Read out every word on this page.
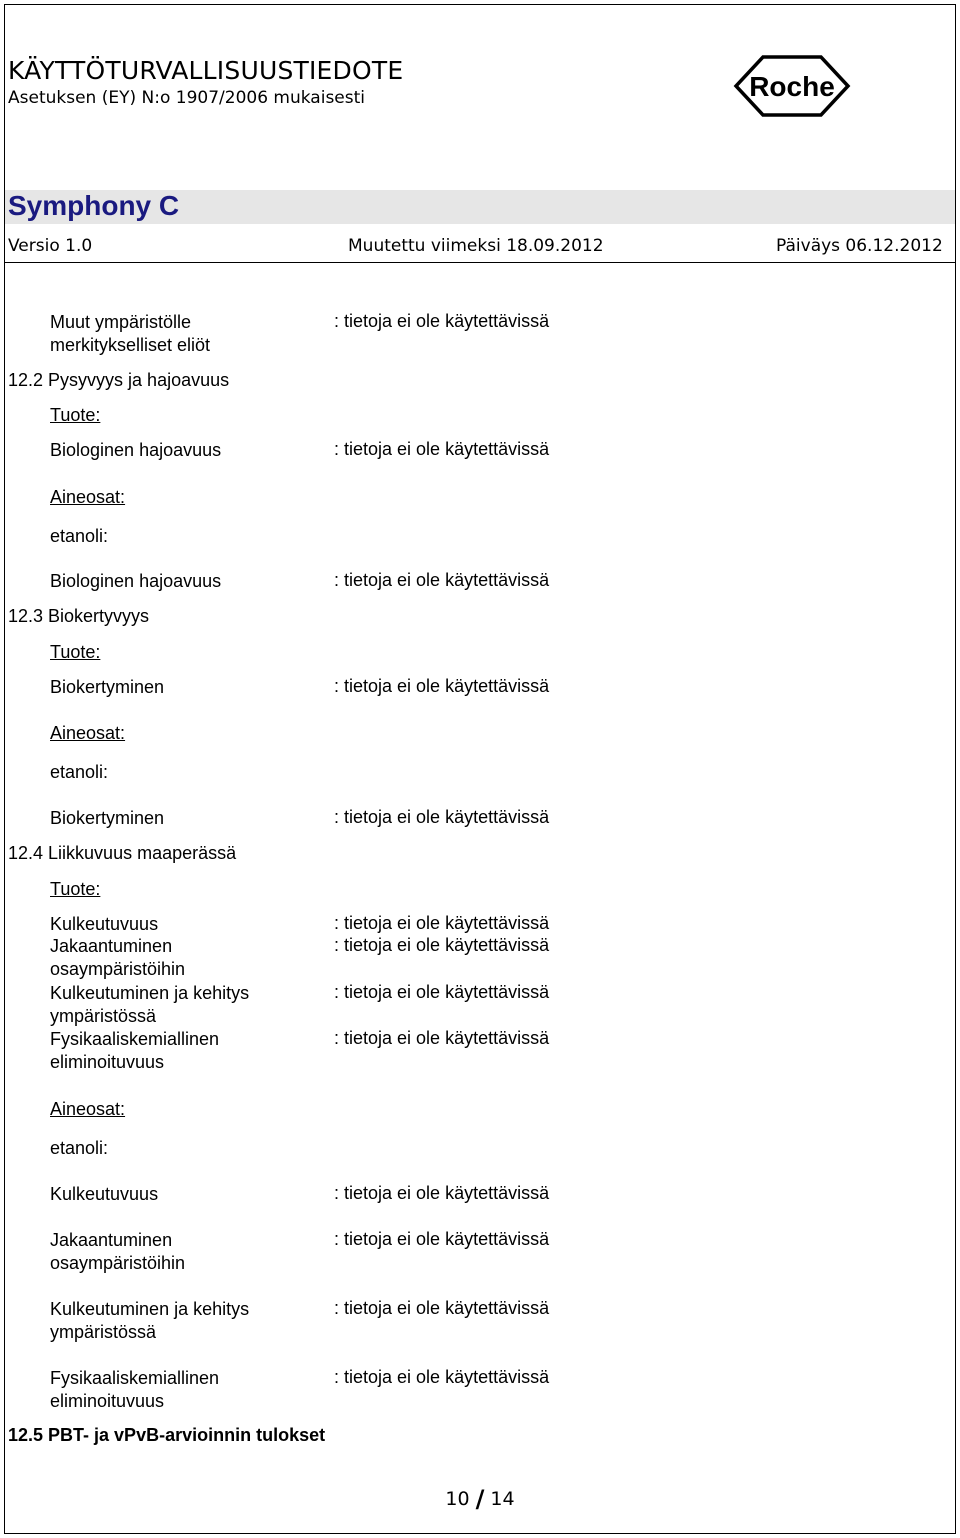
KÄYTTÖTURVALLISUUSTIEDOTE
Asetuksen (EY) N:o 1907/2006 mukaisesti	Roche
Symphony C
Versio 1.0	Muutettu viimeksi 18.09.2012	Päiväys 06.12.2012
Muut ympäristölle
merkitykselliset eliöt
: tietoja ei ole käytettävissä
12.2 Pysyvyys ja hajoavuus
Tuote:
Biologinen hajoavuus	: tietoja ei ole käytettävissä
Aineosat:
etanoli:
Biologinen hajoavuus	: tietoja ei ole käytettävissä
12.3 Biokertyvyys
Tuote:
Biokertyminen	: tietoja ei ole käytettävissä
Aineosat:
etanoli:
Biokertyminen	: tietoja ei ole käytettävissä
12.4 Liikkuvuus maaperässä
Tuote:
Kulkeutuvuus	: tietoja ei ole käytettävissä
Jakaantuminen
osaympäristöihin
: tietoja ei ole käytettävissä
Kulkeutuminen ja kehitys
ympäristössä
: tietoja ei ole käytettävissä
Fysikaaliskemiallinen
eliminoituvuus
: tietoja ei ole käytettävissä
Aineosat:
etanoli:
Kulkeutuvuus	: tietoja ei ole käytettävissä
Jakaantuminen
osaympäristöihin
: tietoja ei ole käytettävissä
Kulkeutuminen ja kehitys
ympäristössä
: tietoja ei ole käytettävissä
Fysikaaliskemiallinen
eliminoituvuus
: tietoja ei ole käytettävissä
12.5 PBT- ja vPvB-arvioinnin tulokset
10 / 14
